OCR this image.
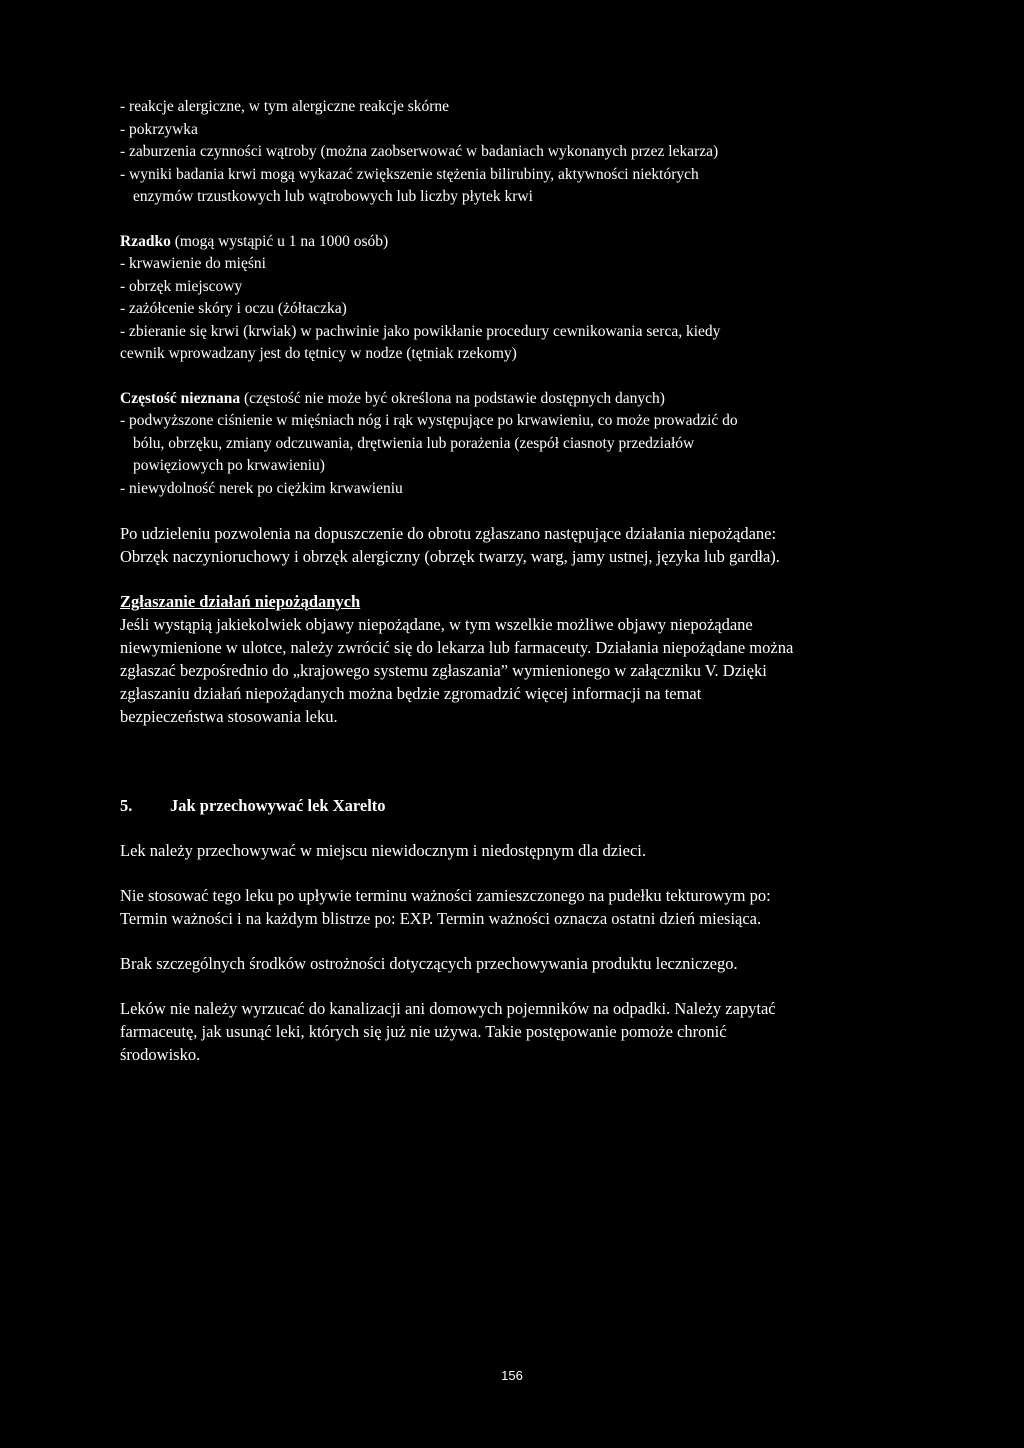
- reakcje alergiczne, w tym alergiczne reakcje skórne
- pokrzywka
- zaburzenia czynności wątroby (można zaobserwować w badaniach wykonanych przez lekarza)
- wyniki badania krwi mogą wykazać zwiększenie stężenia bilirubiny, aktywności niektórych
enzymów trzustkowych lub wątrobowych lub liczby płytek krwi
Rzadko (mogą wystąpić u 1 na 1000 osób)
- krwawienie do mięśni
- obrzęk miejscowy
- zażółcenie skóry i oczu (żółtaczka)
- zbieranie się krwi (krwiak) w pachwinie jako powikłanie procedury cewnikowania serca, kiedy
cewnik wprowadzany jest do tętnicy w nodze (tętniak rzekomy)
Częstość nieznana (częstość nie może być określona na podstawie dostępnych danych)
- podwyższone ciśnienie w mięśniach nóg i rąk występujące po krwawieniu, co może prowadzić do
bólu, obrzęku, zmiany odczuwania, drętwienia lub porażenia (zespół ciasnoty przedziałów
powięziowych po krwawieniu)
- niewydolność nerek po ciężkim krwawieniu
Po udzieleniu pozwolenia na dopuszczenie do obrotu zgłaszano następujące działania niepożądane:
Obrzęk naczynioruchowy i obrzęk alergiczny (obrzęk twarzy, warg, jamy ustnej, języka lub gardła).
Zgłaszanie działań niepożądanych
Jeśli wystąpią jakiekolwiek objawy niepożądane, w tym wszelkie możliwe objawy niepożądane
niewymienione w ulotce, należy zwrócić się do lekarza lub farmaceuty. Działania niepożądane można
zgłaszać bezpośrednio do „krajowego systemu zgłaszania” wymienionego w załączniku V. Dzięki
zgłaszaniu działań niepożądanych można będzie zgromadzić więcej informacji na temat
bezpieczeństwa stosowania leku.
5.	Jak przechowywać lek Xarelto
Lek należy przechowywać w miejscu niewidocznym i niedostępnym dla dzieci.
Nie stosować tego leku po upływie terminu ważności zamieszczonego na pudełku tekturowym po:
Termin ważności i na każdym blistrze po: EXP. Termin ważności oznacza ostatni dzień miesiąca.
Brak szczególnych środków ostrożności dotyczących przechowywania produktu leczniczego.
Leków nie należy wyrzucać do kanalizacji ani domowych pojemników na odpadki. Należy zapytać
farmaceutę, jak usunąć leki, których się już nie używa. Takie postępowanie pomoże chronić
środowisko.
156
